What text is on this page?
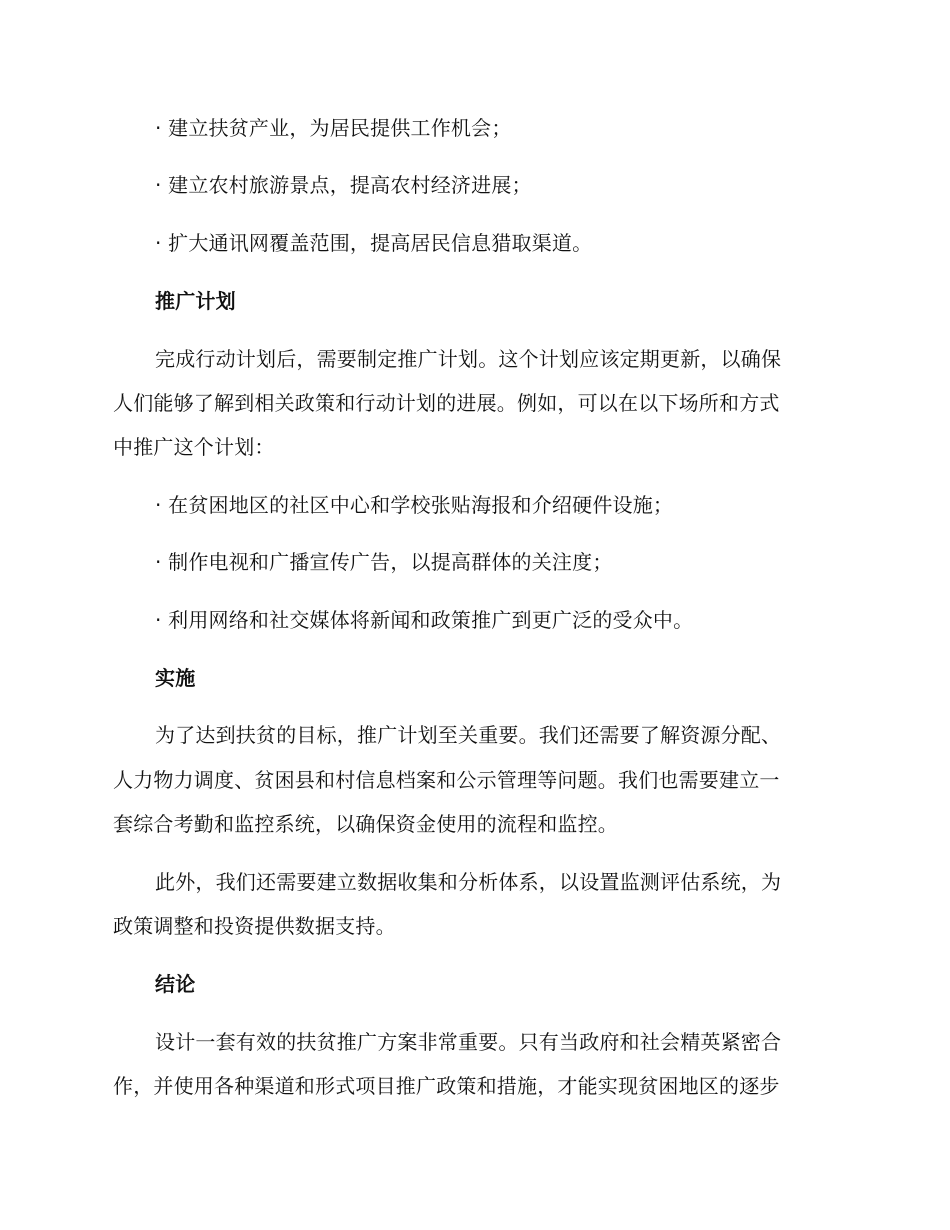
· 建立扶贫产业，为居民提供工作机会；
· 建立农村旅游景点，提高农村经济进展；
· 扩大通讯网覆盖范围，提高居民信息猎取渠道。
推广计划
完成行动计划后，需要制定推广计划。这个计划应该定期更新，以确保
人们能够了解到相关政策和行动计划的进展。例如，可以在以下场所和方式
中推广这个计划：
· 在贫困地区的社区中心和学校张贴海报和介绍硬件设施；
· 制作电视和广播宣传广告，以提高群体的关注度；
· 利用网络和社交媒体将新闻和政策推广到更广泛的受众中。
实施
为了达到扶贫的目标，推广计划至关重要。我们还需要了解资源分配、
人力物力调度、贫困县和村信息档案和公示管理等问题。我们也需要建立一
套综合考勤和监控系统，以确保资金使用的流程和监控。
此外，我们还需要建立数据收集和分析体系，以设置监测评估系统，为
政策调整和投资提供数据支持。
结论
设计一套有效的扶贫推广方案非常重要。只有当政府和社会精英紧密合
作，并使用各种渠道和形式项目推广政策和措施，才能实现贫困地区的逐步
